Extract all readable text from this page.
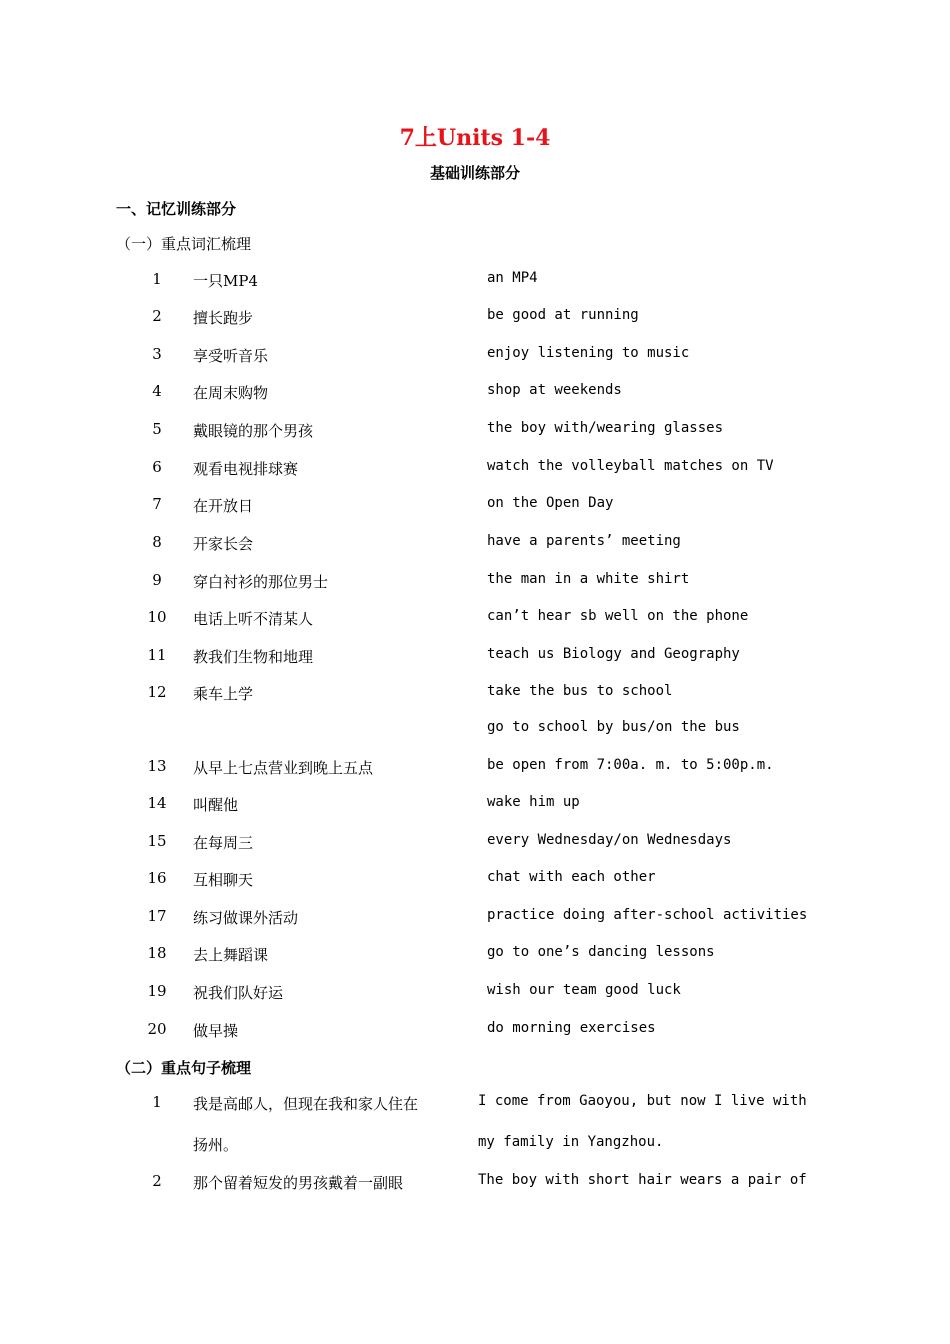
7上Units 1-4
基础训练部分
一、记忆训练部分
（一）重点词汇梳理
1	一只MP4	an MP4
2	擅长跑步	be good at running
3	享受听音乐	enjoy listening to music
4	在周末购物	shop at weekends
5	戴眼镜的那个男孩	the boy with/wearing glasses
6	观看电视排球赛	watch the volleyball matches on TV
7	在开放日	on the Open Day
8	开家长会	have a parents’ meeting
9	穿白衬衫的那位男士	the man in a white shirt
10 电话上听不清某人	can’t hear sb well on the phone
11 教我们生物和地理	teach us Biology and Geography
12 乘车上学	take the bus to school
go to school by bus/on the bus
13 从早上七点营业到晚上五点	be open from 7:00a. m. to 5:00p.m.
14 叫醒他	wake him up
15 在每周三	every Wednesday/on Wednesdays
16 互相聊天	chat with each other
17 练习做课外活动	practice doing after-school activities
18 去上舞蹈课	go to one’s dancing lessons
19 祝我们队好运	wish our team good luck
20 做早操	do morning exercises
（二）重点句子梳理
1	我是高邮人，但现在我和家人住在	I come from Gaoyou, but now I live with
扬州。	my family in Yangzhou.
2	那个留着短发的男孩戴着一副眼	The boy with short hair wears a pair of
